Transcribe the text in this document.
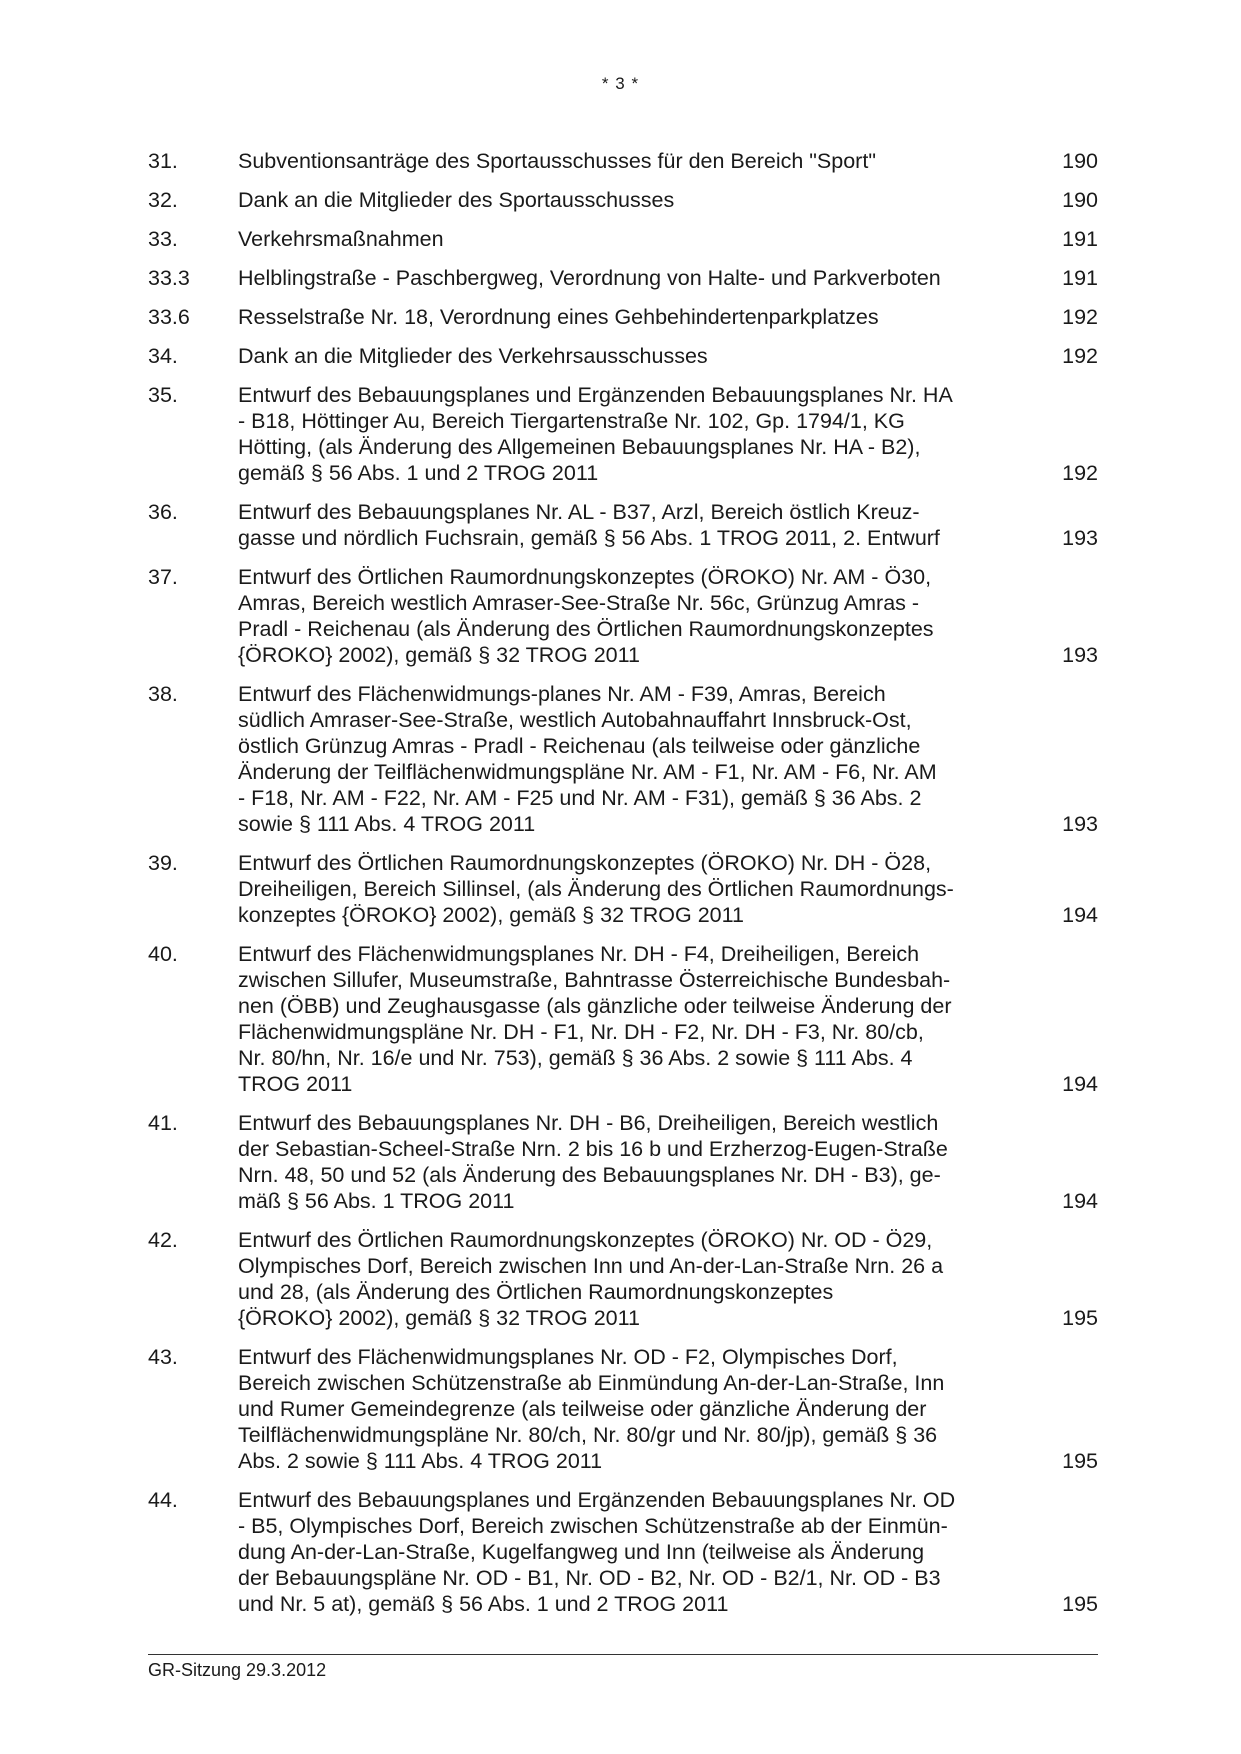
* 3 *
31.	Subventionsanträge des Sportausschusses für den Bereich "Sport"	190
32.	Dank an die Mitglieder des Sportausschusses	190
33.	Verkehrsmaßnahmen	191
33.3	Helblingstraße - Paschbergweg, Verordnung von Halte- und Parkverboten	191
33.6	Resselstraße Nr. 18, Verordnung eines Gehbehindertenparkplatzes	192
34.	Dank an die Mitglieder des Verkehrsausschusses	192
35.	Entwurf des Bebauungsplanes und Ergänzenden Bebauungsplanes Nr. HA
- B18, Höttinger Au, Bereich Tiergartenstraße Nr. 102, Gp. 1794/1, KG
Hötting, (als Änderung des Allgemeinen Bebauungsplanes Nr. HA - B2),
gemäß § 56 Abs. 1 und 2 TROG 2011	192
36.	Entwurf des Bebauungsplanes Nr. AL - B37, Arzl, Bereich östlich Kreuz-
gasse und nördlich Fuchsrain, gemäß § 56 Abs. 1 TROG 2011, 2. Entwurf	193
37.	Entwurf des Örtlichen Raumordnungskonzeptes (ÖROKO) Nr. AM - Ö30,
Amras, Bereich westlich Amraser-See-Straße Nr. 56c, Grünzug Amras -
Pradl - Reichenau (als Änderung des Örtlichen Raumordnungskonzeptes
{ÖROKO} 2002), gemäß § 32 TROG 2011	193
38.	Entwurf des Flächenwidmungs-planes Nr. AM - F39, Amras, Bereich
südlich Amraser-See-Straße, westlich Autobahnauffahrt Innsbruck-Ost,
östlich Grünzug Amras - Pradl - Reichenau (als teilweise oder gänzliche
Änderung der Teilflächenwidmungspläne Nr. AM - F1, Nr. AM - F6, Nr. AM
- F18, Nr. AM - F22, Nr. AM - F25 und Nr. AM - F31), gemäß § 36 Abs. 2
sowie § 111 Abs. 4 TROG 2011	193
39.	Entwurf des Örtlichen Raumordnungskonzeptes (ÖROKO) Nr. DH - Ö28,
Dreiheiligen, Bereich Sillinsel, (als Änderung des Örtlichen Raumordnungs-
konzeptes {ÖROKO} 2002), gemäß § 32 TROG 2011	194
40.	Entwurf des Flächenwidmungsplanes Nr. DH - F4, Dreiheiligen, Bereich
zwischen Sillufer, Museumstraße, Bahntrasse Österreichische Bundesbah-
nen (ÖBB) und Zeughausgasse (als gänzliche oder teilweise Änderung der
Flächenwidmungspläne Nr. DH - F1, Nr. DH - F2, Nr. DH - F3, Nr. 80/cb,
Nr. 80/hn, Nr. 16/e und Nr. 753), gemäß § 36 Abs. 2 sowie § 111 Abs. 4
TROG 2011	194
41.	Entwurf des Bebauungsplanes Nr. DH - B6, Dreiheiligen, Bereich westlich
der Sebastian-Scheel-Straße Nrn. 2 bis 16 b und Erzherzog-Eugen-Straße
Nrn. 48, 50 und 52 (als Änderung des Bebauungsplanes Nr. DH - B3), ge-
mäß § 56 Abs. 1 TROG 2011	194
42.	Entwurf des Örtlichen Raumordnungskonzeptes (ÖROKO) Nr. OD - Ö29,
Olympisches Dorf, Bereich zwischen Inn und An-der-Lan-Straße Nrn. 26 a
und 28, (als Änderung des Örtlichen Raumordnungskonzeptes
{ÖROKO} 2002), gemäß § 32 TROG 2011	195
43.	Entwurf des Flächenwidmungsplanes Nr. OD - F2, Olympisches Dorf,
Bereich zwischen Schützenstraße ab Einmündung An-der-Lan-Straße, Inn
und Rumer Gemeindegrenze (als teilweise oder gänzliche Änderung der
Teilflächenwidmungspläne Nr. 80/ch, Nr. 80/gr und Nr. 80/jp), gemäß § 36
Abs. 2 sowie § 111 Abs. 4 TROG 2011	195
44.	Entwurf des Bebauungsplanes und Ergänzenden Bebauungsplanes Nr. OD
- B5, Olympisches Dorf, Bereich zwischen Schützenstraße ab der Einmün-
dung An-der-Lan-Straße, Kugelfangweg und Inn (teilweise als Änderung
der Bebauungspläne Nr. OD - B1, Nr. OD - B2, Nr. OD - B2/1, Nr. OD - B3
und Nr. 5 at), gemäß § 56 Abs. 1 und 2 TROG 2011	195
GR-Sitzung 29.3.2012
